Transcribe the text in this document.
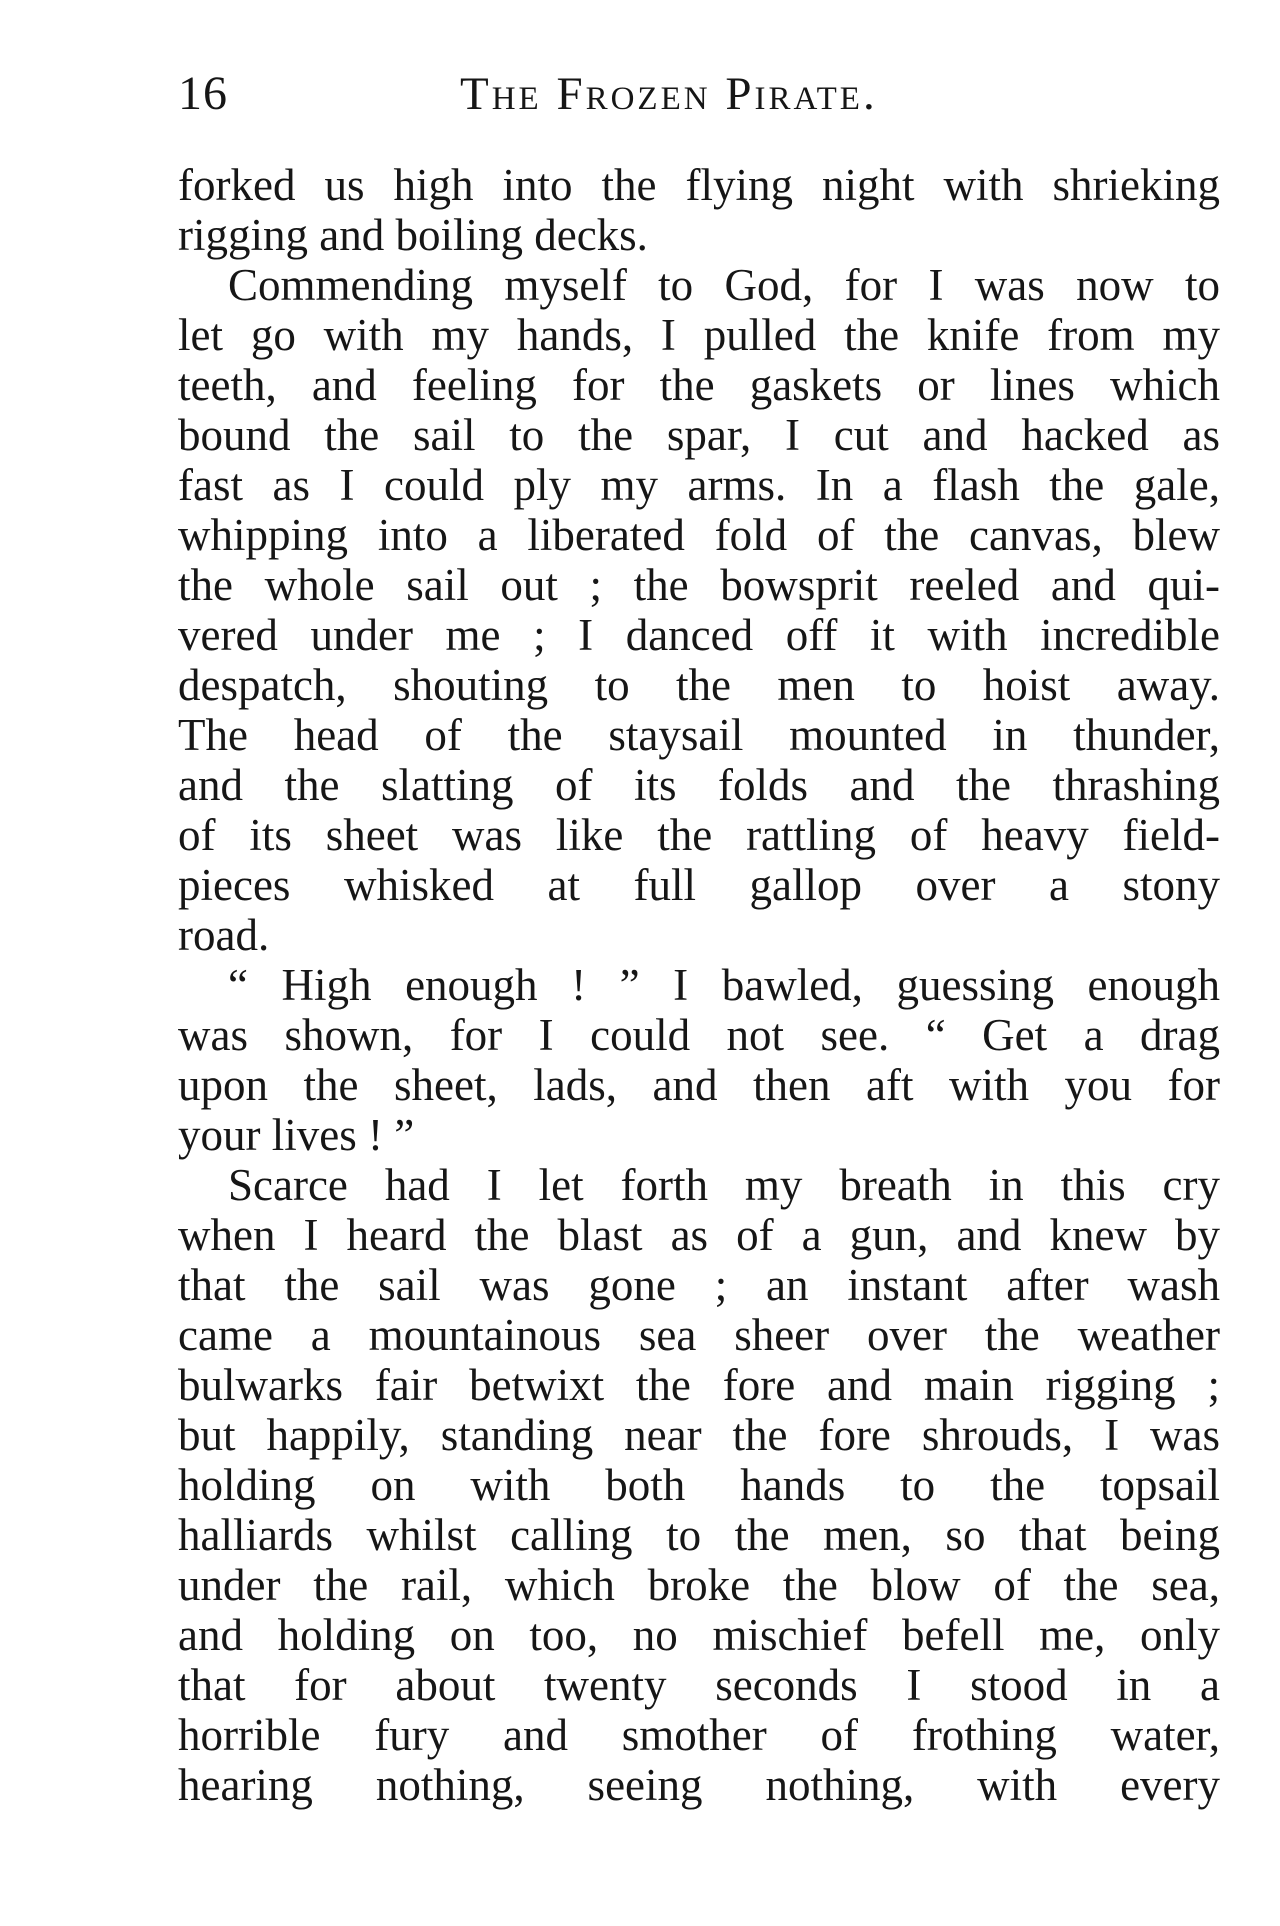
16	The Frozen Pirate.
forked us high into the flying night with shrieking
rigging and boiling decks.
Commending myself to God, for I was now to
let go with my hands, I pulled the knife from my
teeth, and feeling for the gaskets or lines which
bound the sail to the spar, I cut and hacked as
fast as I could ply my arms. In a flash the gale,
whipping into a liberated fold of the canvas, blew
the whole sail out ; the bowsprit reeled and qui-
vered under me ; I danced off it with incredible
despatch, shouting to the men to hoist away.
The head of the staysail mounted in thunder,
and the slatting of its folds and the thrashing
of its sheet was like the rattling of heavy field-
pieces whisked at full gallop over a stony
road.
“ High enough ! ” I bawled, guessing enough
was shown, for I could not see. “ Get a drag
upon the sheet, lads, and then aft with you for
your lives ! ”
Scarce had I let forth my breath in this cry
when I heard the blast as of a gun, and knew by
that the sail was gone ; an instant after wash
came a mountainous sea sheer over the weather
bulwarks fair betwixt the fore and main rigging ;
but happily, standing near the fore shrouds, I was
holding on with both hands to the topsail
halliards whilst calling to the men, so that being
under the rail, which broke the blow of the sea,
and holding on too, no mischief befell me, only
that for about twenty seconds I stood in a
horrible fury and smother of frothing water,
hearing nothing, seeing nothing, with every
